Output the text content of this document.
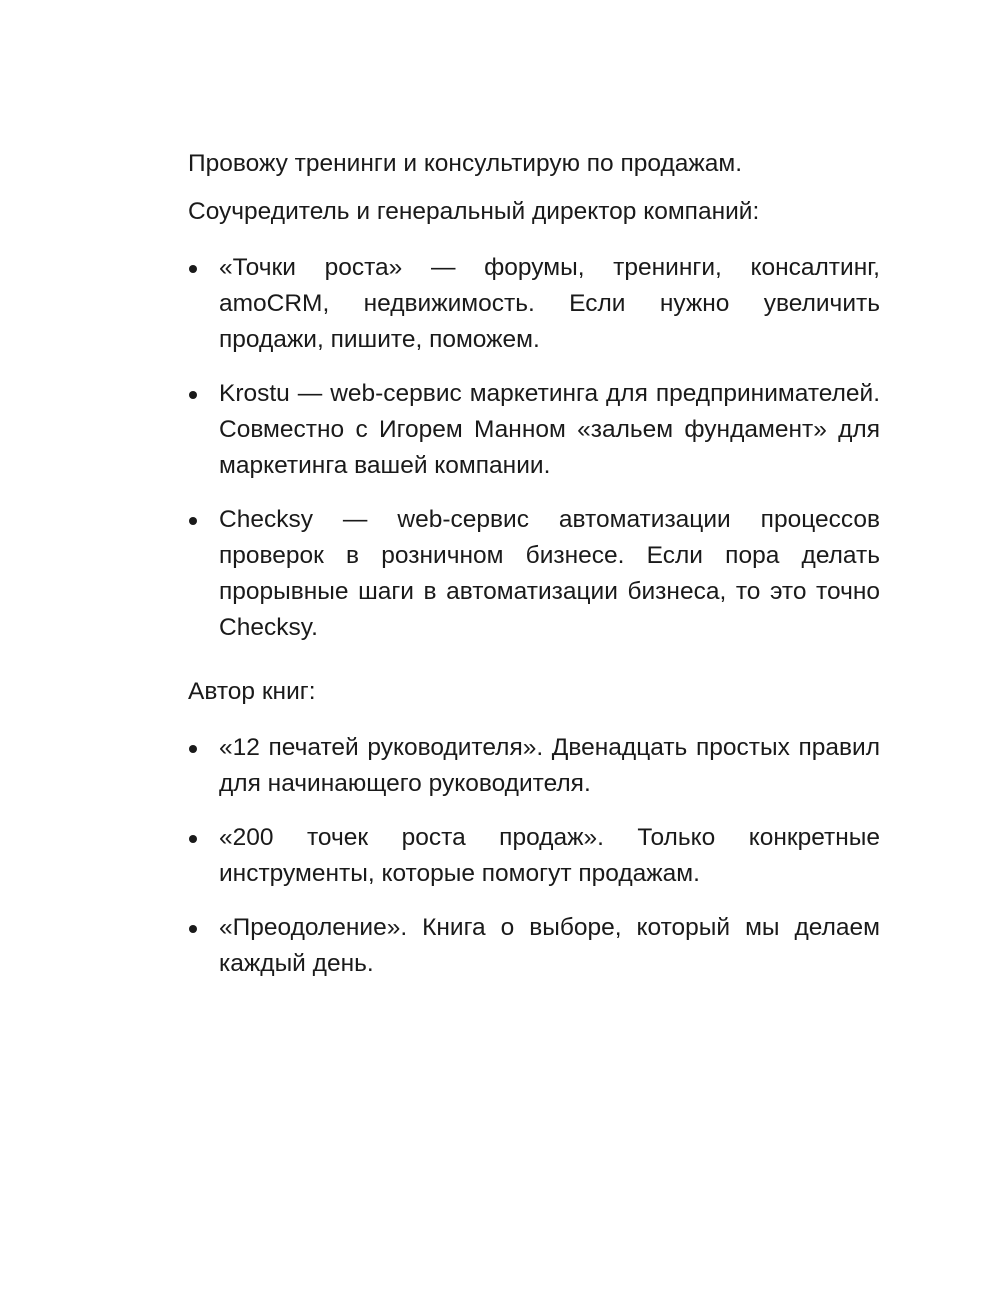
Провожу тренинги и консультирую по продажам.

Соучредитель и генеральный директор компаний:

«Точки роста» — форумы, тренинги, консалтинг, amoCRM, недвижимость. Если нужно увеличить продажи, пишите, поможем.
Krostu — web-сервис маркетинга для предпринимателей. Совместно с Игорем Манном «зальем фундамент» для маркетинга вашей компании.
Checksy — web-сервис автоматизации процессов проверок в розничном бизнесе. Если пора делать прорывные шаги в автоматизации бизнеса, то это точно Checksy.

Автор книг:

«12 печатей руководителя». Двенадцать простых правил для начинающего руководителя.
«200 точек роста продаж». Только конкретные инструменты, которые помогут продажам.
«Преодоление». Книга о выборе, который мы делаем каждый день.
